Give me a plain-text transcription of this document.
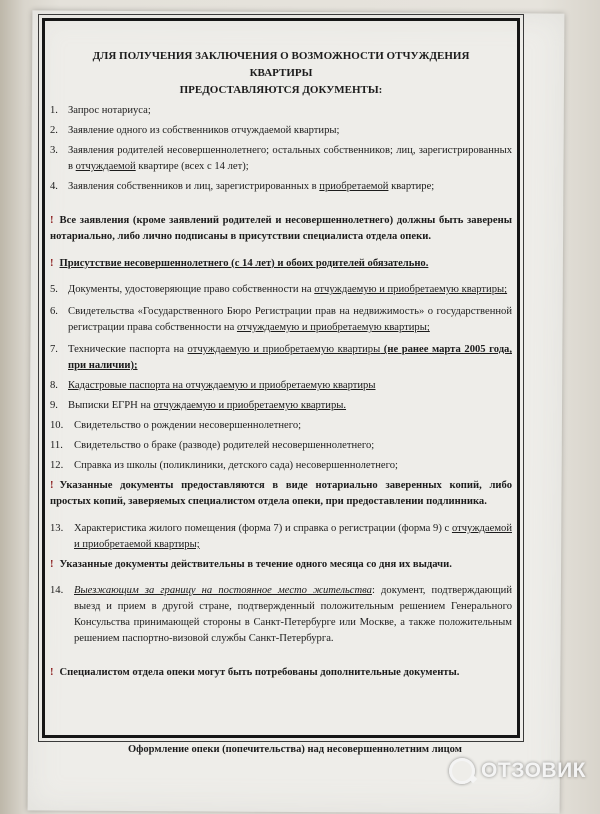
ДЛЯ ПОЛУЧЕНИЯ ЗАКЛЮЧЕНИЯ О ВОЗМОЖНОСТИ ОТЧУЖДЕНИЯ

КВАРТИРЫ

ПРЕДОСТАВЛЯЮТСЯ ДОКУМЕНТЫ:

1. Запрос нотариуса;
2. Заявление одного из собственников отчуждаемой квартиры;
3. Заявления родителей несовершеннолетнего; остальных собственников; лиц, зарегистрированных в отчуждаемой квартире (всех с 14 лет);
4. Заявления собственников и лиц, зарегистрированных в приобретаемой квартире;

! Все заявления (кроме заявлений родителей и несовершеннолетнего) должны быть заверены нотариально, либо лично подписаны в присутствии специалиста отдела опеки.

! Присутствие несовершеннолетнего (с 14 лет) и обоих родителей обязательно.

5. Документы, удостоверяющие право собственности на отчуждаемую и приобретаемую квартиры;
6. Свидетельства «Государственного Бюро Регистрации прав на недвижимость» о государственной регистрации права собственности на отчуждаемую и приобретаемую квартиры;
7. Технические паспорта на отчуждаемую и приобретаемую квартиры (не ранее марта 2005 года, при наличии);
8. Кадастровые паспорта на отчуждаемую и приобретаемую квартиры
9. Выписки ЕГРН на отчуждаемую и приобретаемую квартиры.
10.	Свидетельство о рождении несовершеннолетнего;
11.	Свидетельство о браке (разводе) родителей несовершеннолетнего;
12.	Справка из школы (поликлиники, детского сада) несовершеннолетнего;

! Указанные документы предоставляются в виде нотариально заверенных копий, либо простых копий, заверяемых специалистом отдела опеки, при предоставлении подлинника.

13.	Характеристика жилого помещения (форма 7) и справка о регистрации (форма 9) с отчуждаемой и приобретаемой квартиры;

! Указанные документы действительны в течение одного месяца со дня их выдачи.

14.	Выезжающим за границу на постоянное место жительства: документ, подтверждающий выезд и прием в другой стране, подтвержденный положительным решением Генерального Консульства принимающей стороны в Санкт-Петербурге или Москве, а также положительным решением паспортно-визовой службы Санкт-Петербурга.

! Специалистом отдела опеки могут быть потребованы дополнительные документы.

Оформление опеки (попечительства) над несовершеннолетним лицом
ОТЗОВИК
